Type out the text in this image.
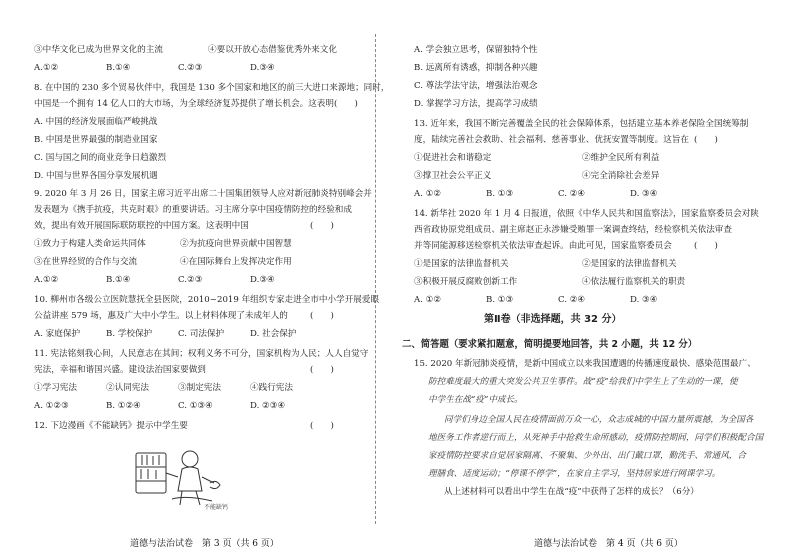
③中华文化已成为世界文化的主流	④要以开放心态借鉴优秀外来文化
A.①②	B.①④	C.②③	D.③④
8. 在中国的 230 多个贸易伙伴中，我国是 130 多个国家和地区的前三大进口来源地；同时，
中国是一个拥有 14 亿人口的大市场，为全球经济复苏提供了增长机会。这表明(　　)
A. 中国的经济发展面临严峻挑战
B. 中国是世界最强的制造业国家
C. 国与国之间的商业竞争日趋激烈
D. 中国与世界各国分享发展机遇
9. 2020 年 3 月 26 日，国家主席习近平出席二十国集团领导人应对新冠肺炎特别峰会并
发表题为《携手抗疫，共克时艰》的重要讲话。习主席分享中国疫情防控的经验和成
效，提出有效开展国际联防联控的中国方案。这表明中国	(　　)
①致力于构建人类命运共同体	②为抗疫向世界贡献中国智慧
③在世界经贸的合作与交流	④在国际舞台上发挥决定作用
A.①②	B.①④	C.②③	D.③④
10. 柳州市各级公立医院慧抚全县医院，2010~2019 年组织专家走进全市中小学开展爱眼
公益讲座 579 场，惠及广大中小学生。以上材料体现了未成年人的	(　　)
A. 家庭保护	B. 学校保护	C. 司法保护	D. 社会保护
11. 宪法铭刻我心间，人民意志在其间；权利义务不可分，国家机构为人民；人人自觉守
宪法，幸福和谐国兴盛。建设法治国家要做到	(　　)
①学习宪法	②认同宪法	③制定宪法	④践行宪法
A. ①②③	B. ①②④	C. ①③④	D. ②③④
12. 下边漫画《不能缺钙》提示中学生要	(　　)
不能缺钙
道德与法治试卷　第 3 页（共 6 页）
A. 学会独立思考，保留独特个性
B. 远离所有诱惑，抑制各种兴趣
C. 尊法学法守法，增强法治观念
D. 掌握学习方法，提高学习成绩
13. 近年来，我国不断完善覆盖全民的社会保障体系，包括建立基本养老保险全国统筹制
度，陆续完善社会救助、社会福利、慈善事业、优抚安置等制度。这旨在 (　　)
①促进社会和谐稳定	②维护全民所有利益
③撑卫社会公平正义	④完全消除社会差异
A. ①②	B. ①③	C. ②④	D. ③④
14. 新华社 2020 年 1 月 4 日报道，依照《中华人民共和国监察法》，国家监察委员会对陕
西省政协原党组成员、副主席赵正永涉嫌受贿罪一案调查终结，经检察机关依法审查
并等同能源移送检察机关依法审查起诉。由此可见，国家监察委员会	(　　)
①是国家的法律监督机关	②是国家的法律监督机关
③积极开展反腐败创新工作	④依法履行监察机关的职责
A. ①②	B. ①③	C. ②④	D. ③④
第Ⅱ卷（非选择题，共 32 分）
二、简答题（要求紧扣题意，简明提要地回答，共 2 小题，共 12 分）
15. 2020 年新冠肺炎疫情，是新中国成立以来我国遭遇的传播速度最快、感染范围最广、
防控难度最大的重大突发公共卫生事件。战“疫”给我们中学生上了生动的一课，使
中学生在战“疫”中成长。
同学们身边全国人民在疫情面前万众一心，众志成城的中国力量所震撼，为全国各
地医务工作者逆行而上，从死神手中抢救生命所感动，疫情防控期间，同学们积极配合国
家疫情防控要求自觉居家隔离、不聚集、少外出、出门戴口罩，勤洗手、常通风，合
理膳食、适度运动；“停课不停学”，在家自主学习，坚持居家进行网课学习。
从上述材料可以看出中学生在战“疫”中获得了怎样的成长？（6分）
道德与法治试卷　第 4 页（共 6 页）
